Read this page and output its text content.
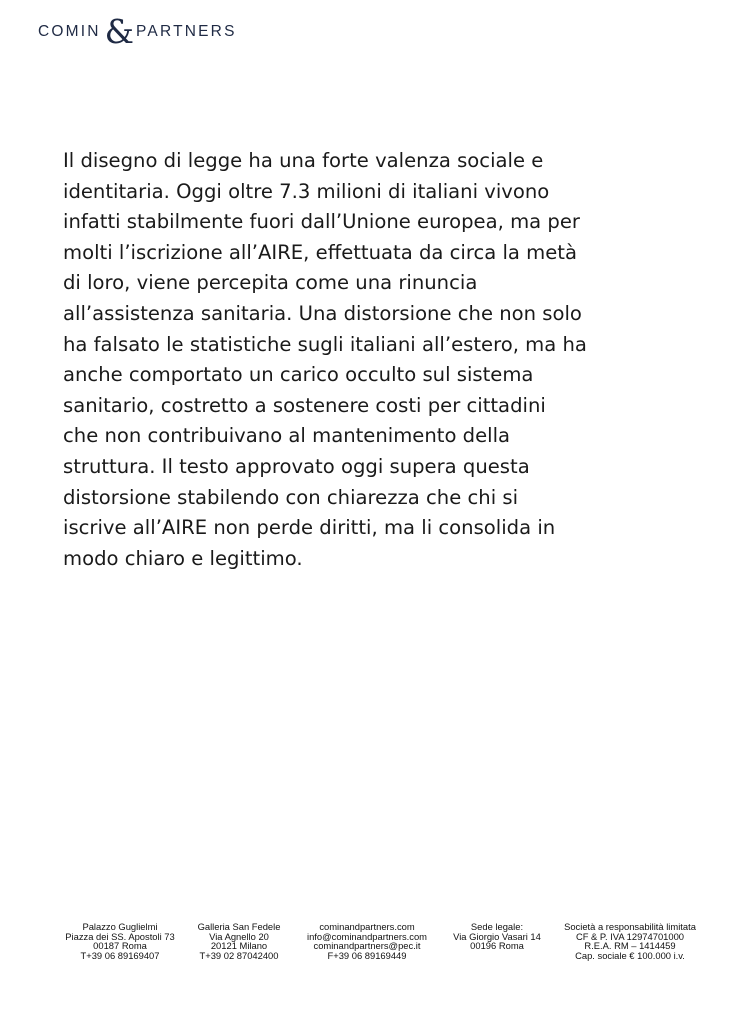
COMIN & PARTNERS

Il disegno di legge ha una forte valenza sociale e
identitaria. Oggi oltre 7.3 milioni di italiani vivono
infatti stabilmente fuori dall’Unione europea, ma per
molti l’iscrizione all’AIRE, effettuata da circa la metà
di loro, viene percepita come una rinuncia
all’assistenza sanitaria. Una distorsione che non solo
ha falsato le statistiche sugli italiani all’estero, ma ha
anche comportato un carico occulto sul sistema
sanitario, costretto a sostenere costi per cittadini
che non contribuivano al mantenimento della
struttura. Il testo approvato oggi supera questa
distorsione stabilendo con chiarezza che chi si
iscrive all’AIRE non perde diritti, ma li consolida in
modo chiaro e legittimo.

Palazzo Guglielmi
Piazza dei SS. Apostoli 73
00187 Roma
T+39 06 89169407
Galleria San Fedele
Via Agnello 20
20121 Milano
T+39 02 87042400
cominandpartners.com
info@cominandpartners.com
cominandpartners@pec.it
F+39 06 89169449
Sede legale:
Via Giorgio Vasari 14
00196 Roma
Società a responsabilità limitata
CF & P. IVA 12974701000
R.E.A. RM – 1414459
Cap. sociale € 100.000 i.v.
